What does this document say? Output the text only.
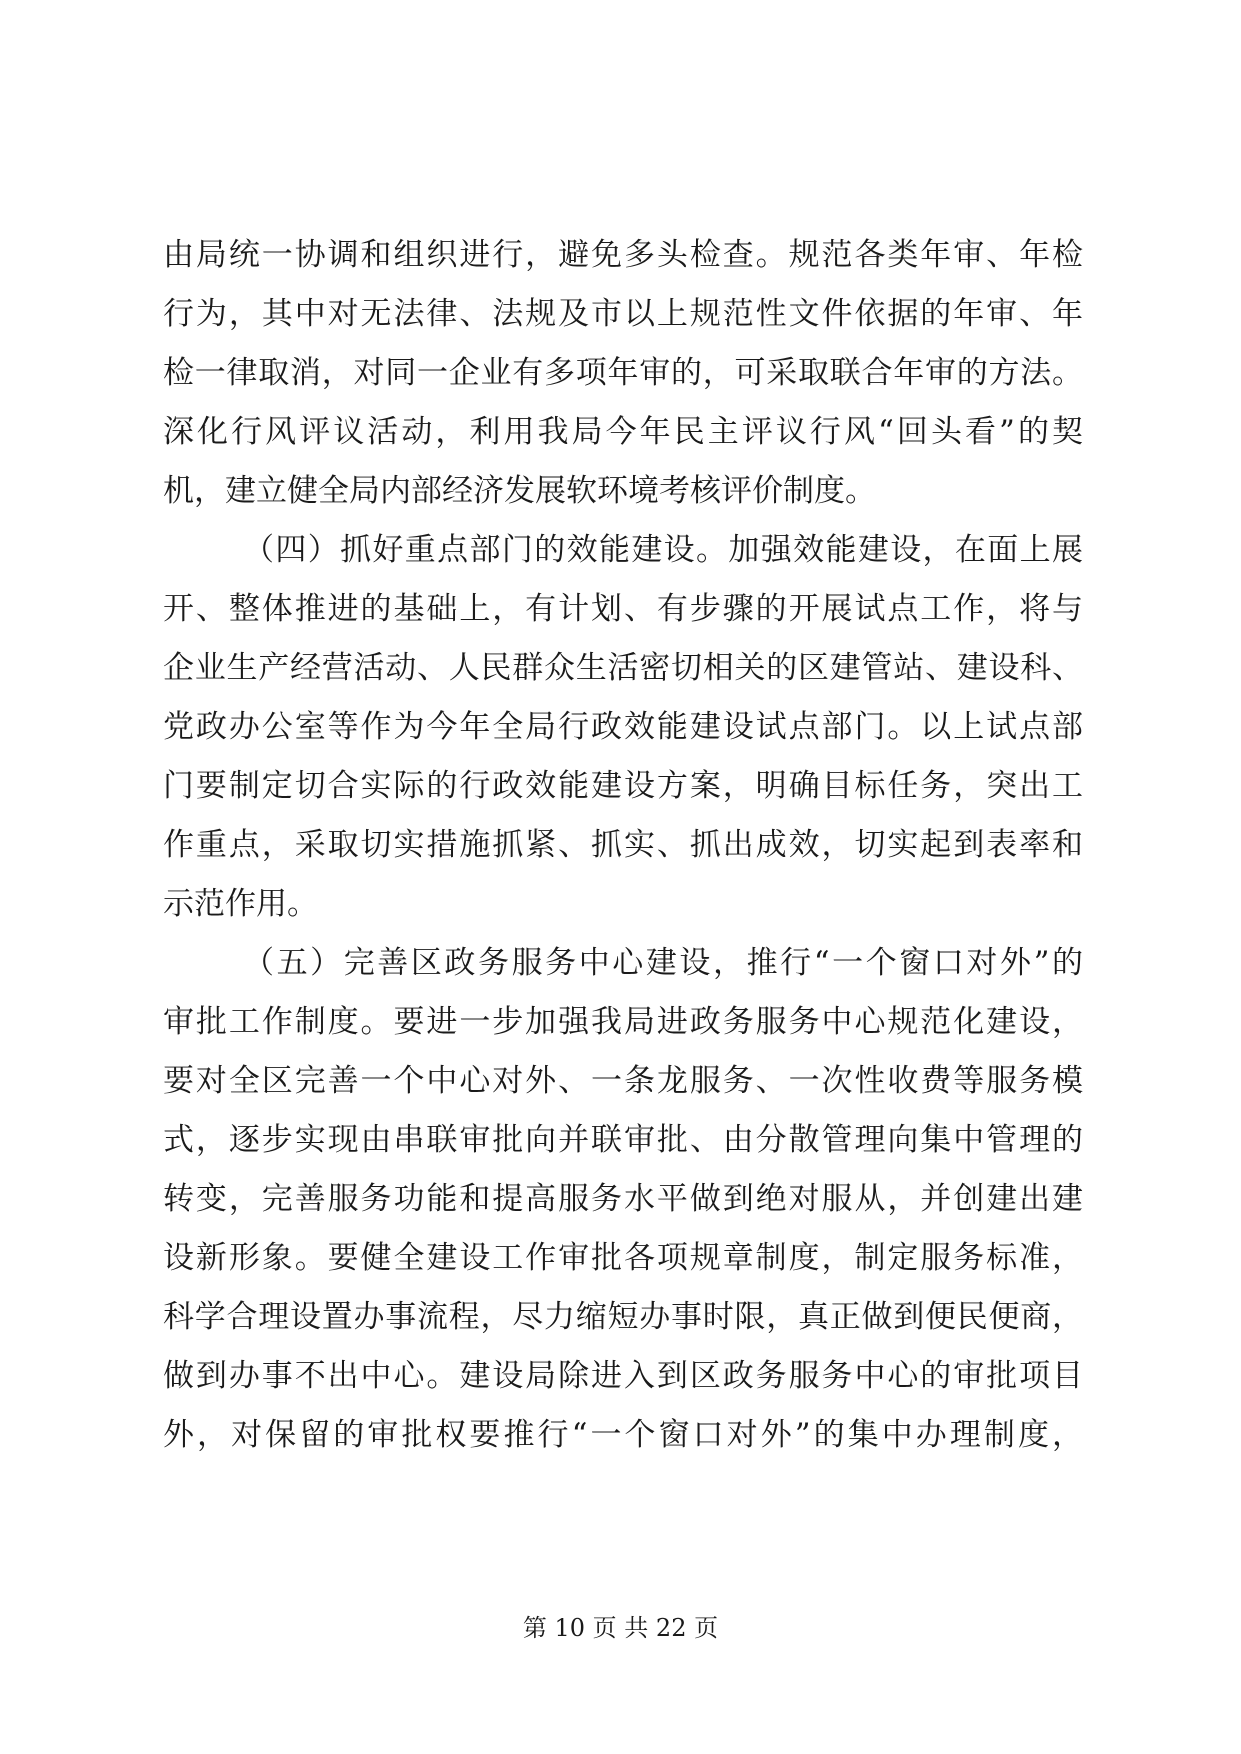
由局统一协调和组织进行，避免多头检查。规范各类年审、年检
行为，其中对无法律、法规及市以上规范性文件依据的年审、年
检一律取消，对同一企业有多项年审的，可采取联合年审的方法。
深化行风评议活动，利用我局今年民主评议行风“回头看”的契
机，建立健全局内部经济发展软环境考核评价制度。
（四）抓好重点部门的效能建设。加强效能建设，在面上展
开、整体推进的基础上，有计划、有步骤的开展试点工作，将与
企业生产经营活动、人民群众生活密切相关的区建管站、建设科、
党政办公室等作为今年全局行政效能建设试点部门。以上试点部
门要制定切合实际的行政效能建设方案，明确目标任务，突出工
作重点，采取切实措施抓紧、抓实、抓出成效，切实起到表率和
示范作用。
（五）完善区政务服务中心建设，推行“一个窗口对外”的
审批工作制度。要进一步加强我局进政务服务中心规范化建设，
要对全区完善一个中心对外、一条龙服务、一次性收费等服务模
式，逐步实现由串联审批向并联审批、由分散管理向集中管理的
转变，完善服务功能和提高服务水平做到绝对服从，并创建出建
设新形象。要健全建设工作审批各项规章制度，制定服务标准，
科学合理设置办事流程，尽力缩短办事时限，真正做到便民便商，
做到办事不出中心。建设局除进入到区政务服务中心的审批项目
外，对保留的审批权要推行“一个窗口对外”的集中办理制度，
第 10 页 共 22 页
